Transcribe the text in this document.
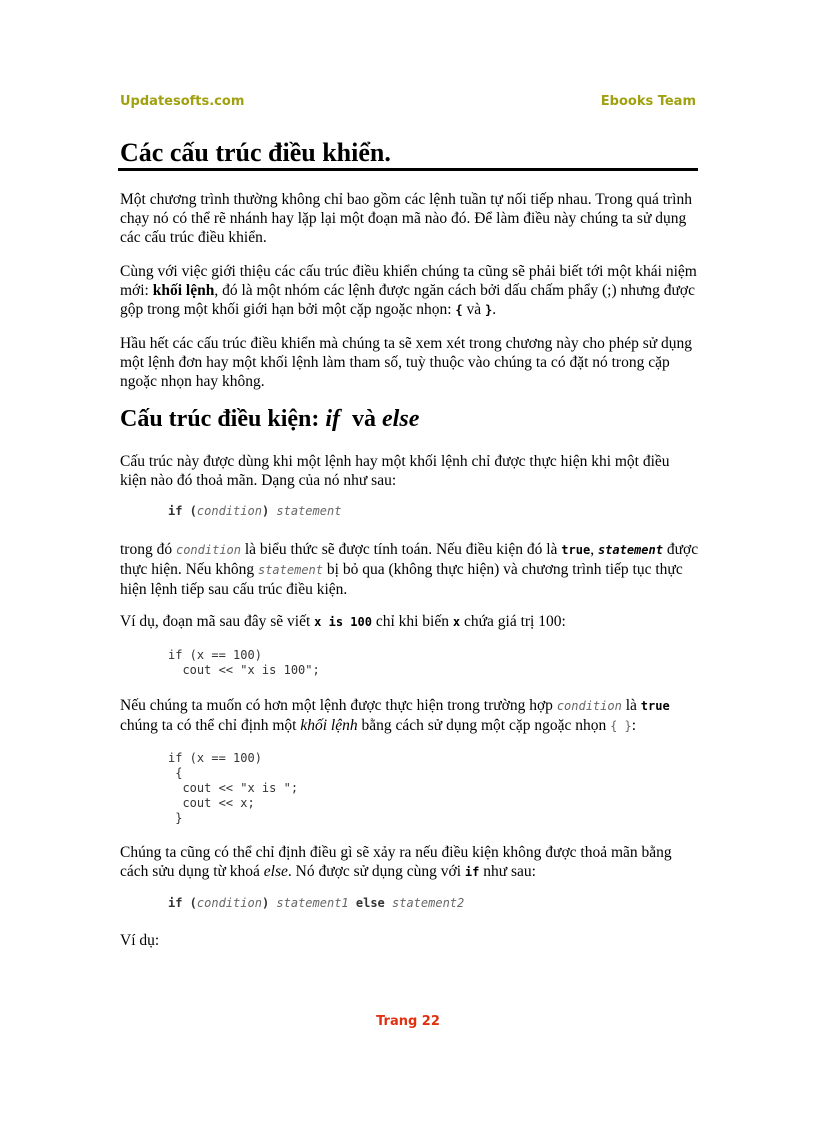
Updatesofts.com	Ebooks Team
Các cấu trúc điều khiển.

Một chương trình thường không chỉ bao gồm các lệnh tuần tự nối tiếp nhau. Trong quá trình chạy nó có thể rẽ nhánh hay lặp lại một đoạn mã nào đó. Để làm điều này chúng ta sử dụng các cấu trúc điều khiển.

Cùng với việc giới thiệu các cấu trúc điều khiển chúng ta cũng sẽ phải biết tới một khái niệm mới: khối lệnh, đó là một nhóm các lệnh được ngăn cách bởi dấu chấm phẩy (;) nhưng được gộp trong một khối giới hạn bởi một cặp ngoặc nhọn: { và }.

Hầu hết các cấu trúc điều khiển mà chúng ta sẽ xem xét trong chương này cho phép sử dụng một lệnh đơn hay một khối lệnh làm tham số, tuỳ thuộc vào chúng ta có đặt nó trong cặp ngoặc nhọn hay không.

Cấu trúc điều kiện: if  và else

Cấu trúc này được dùng khi một lệnh hay một khối lệnh chỉ được thực hiện khi một điều kiện nào đó thoả mãn. Dạng của nó như sau:

if (condition) statement

trong đó condition là biểu thức sẽ được tính toán. Nếu điều kiện đó là true, statement được thực hiện. Nếu không statement bị bỏ qua (không thực hiện) và chương trình tiếp tục thực hiện lệnh tiếp sau cấu trúc điều kiện.

Ví dụ, đoạn mã sau đây sẽ viết x is 100 chỉ khi biến x chứa giá trị 100:

if (x == 100)
cout << "x is 100";

Nếu chúng ta muốn có hơn một lệnh được thực hiện trong trường hợp condition là true chúng ta có thể chỉ định một khối lệnh bằng cách sử dụng một cặp ngoặc nhọn { }:

if (x == 100)
{
cout << "x is ";
cout << x;
}

Chúng ta cũng có thể chỉ định điều gì sẽ xảy ra nếu điều kiện không được thoả mãn bằng cách sửu dụng từ khoá else. Nó được sử dụng cùng với if như sau:

if (condition) statement1 else statement2

Ví dụ:

Trang 22
